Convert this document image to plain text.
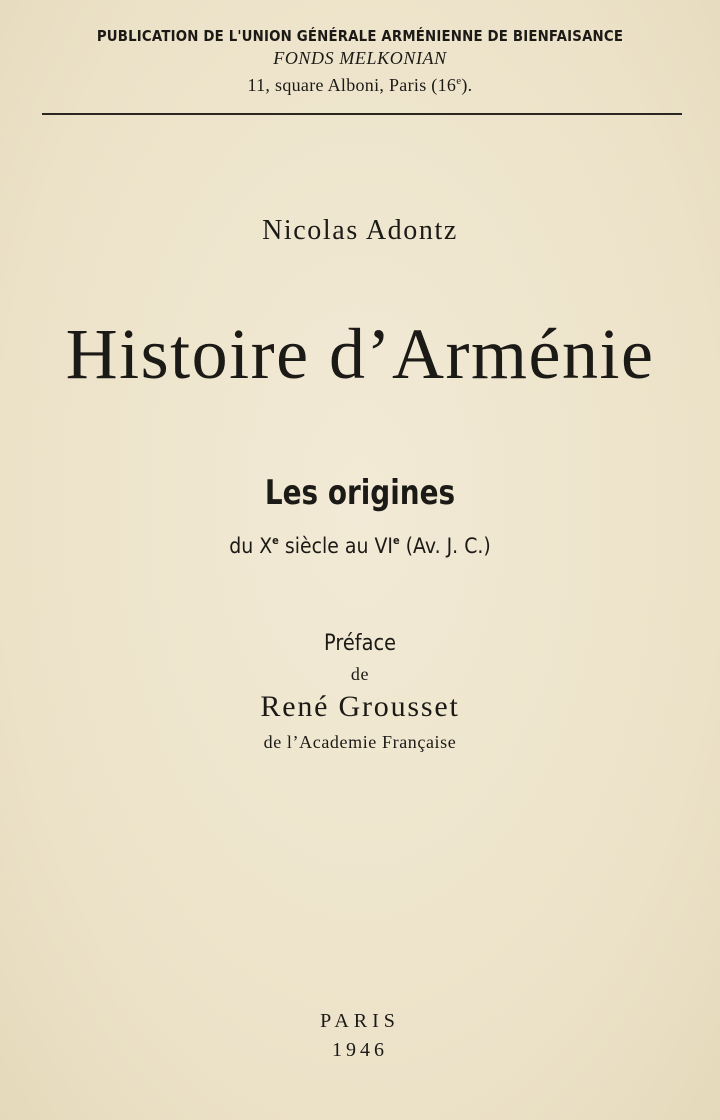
PUBLICATION DE L'UNION GÉNÉRALE ARMÉNIENNE DE BIENFAISANCE
FONDS MELKONIAN
11, square Alboni, Paris (16e).
Nicolas Adontz
Histoire d’Arménie
Les origines
du Xe siècle au VIe (Av. J. C.)
Préface
de
René Grousset
de l’Academie Française
PARIS
1946
